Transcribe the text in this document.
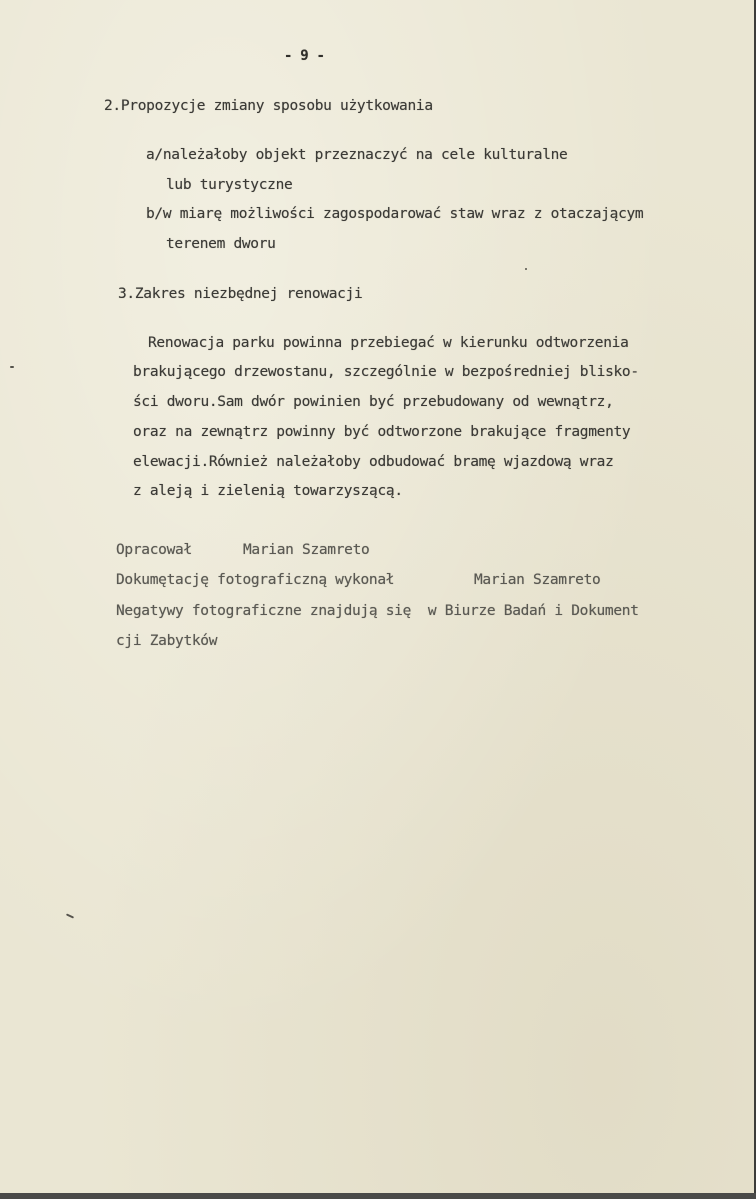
- 9 -
2.Propozycje zmiany sposobu użytkowania
a/należałoby objekt przeznaczyć na cele kulturalne
lub turystyczne
b/w miarę możliwości zagospodarować staw wraz z otaczającym
terenem dworu
3.Zakres niezbędnej renowacji
Renowacja parku powinna przebiegać w kierunku odtworzenia
brakującego drzewostanu, szczególnie w bezpośredniej blisko-
ści dworu.Sam dwór powinien być przebudowany od wewnątrz,
oraz na zewnątrz powinny być odtworzone brakujące fragmenty
elewacji.Również należałoby odbudować bramę wjazdową wraz
z aleją i zielenią towarzyszącą.
Opracował	Marian Szamreto
Dokumętację fotograficzną wykonał	Marian Szamreto
Negatywy fotograficzne znajdują się  w Biurze Badań i Dokument
cji Zabytków
